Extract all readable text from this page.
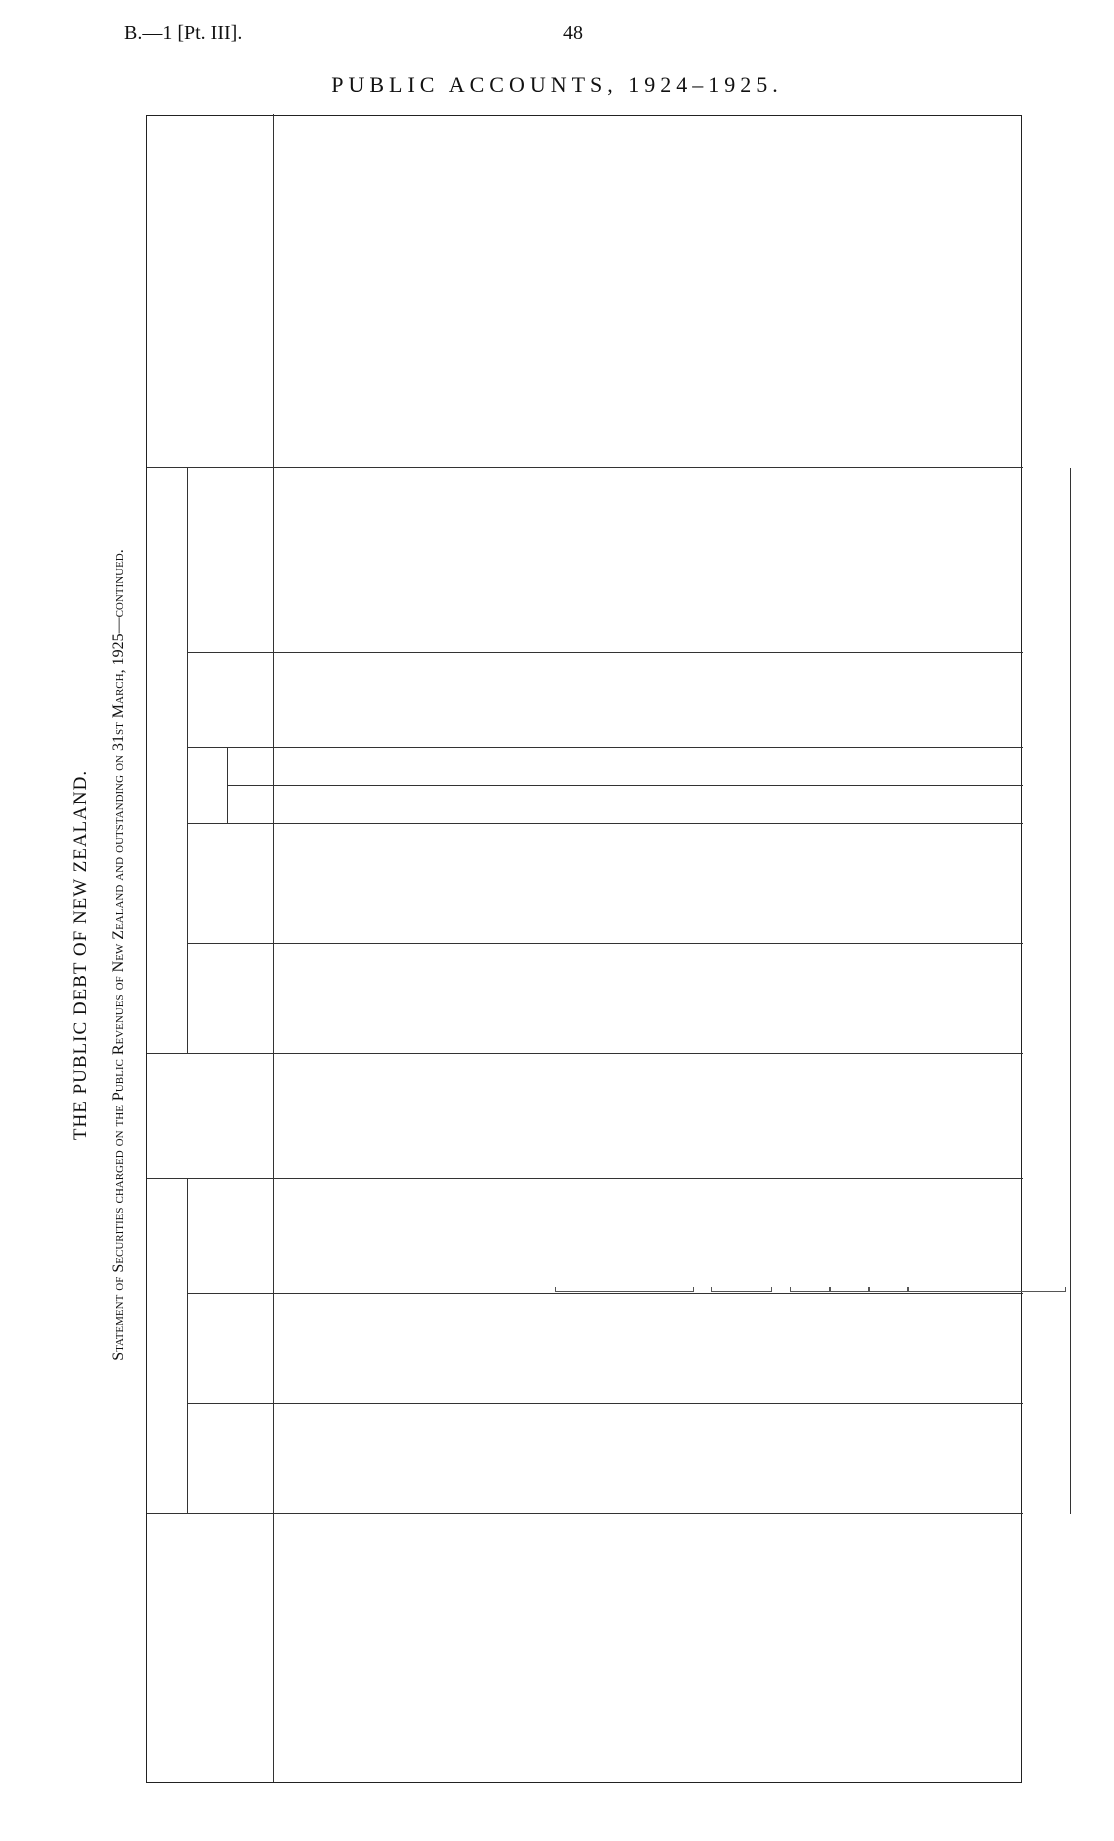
B.—1 [Pt. III].	48
PUBLIC ACCOUNTS, 1924–1925.
THE PUBLIC DEBT OF NEW ZEALAND. Statement of Securities charged on the Public Revenues of New Zealand and outstanding on 31st March, 1925—continued.
